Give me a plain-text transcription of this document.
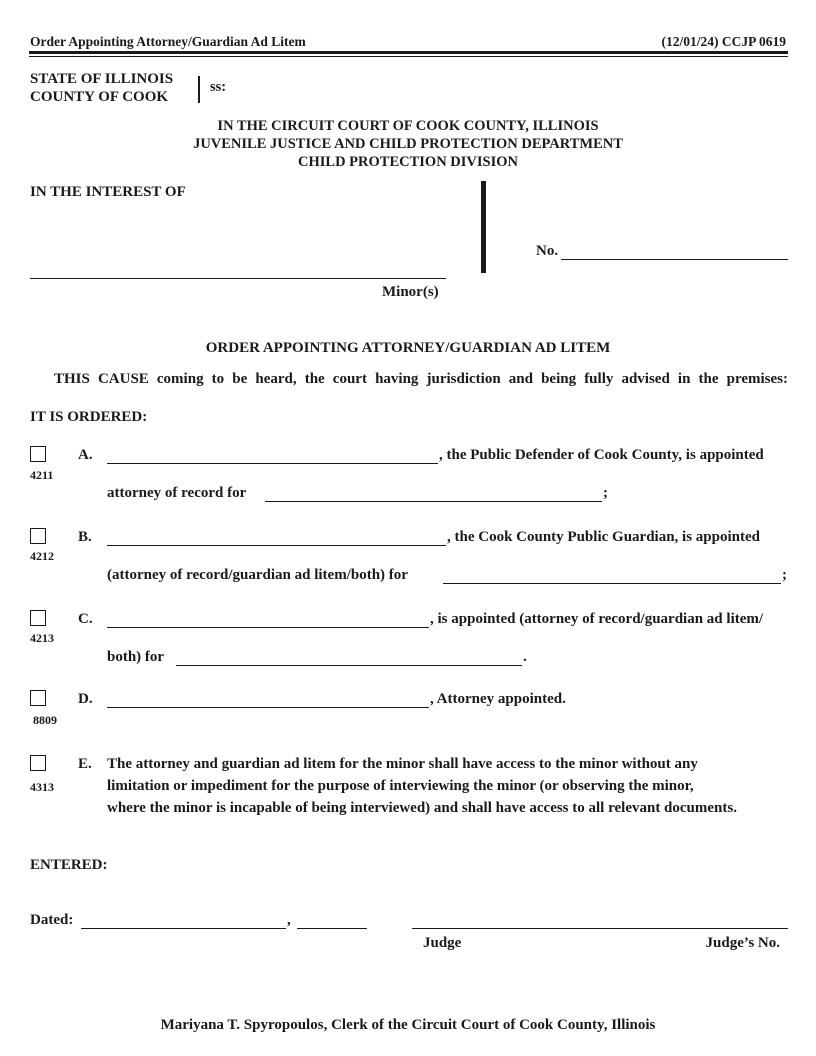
Order Appointing Attorney/Guardian Ad Litem	(12/01/24) CCJP 0619
STATE OF ILLINOIS
COUNTY OF COOK
ss:
IN THE CIRCUIT COURT OF COOK COUNTY, ILLINOIS
JUVENILE JUSTICE AND CHILD PROTECTION DEPARTMENT
CHILD PROTECTION DIVISION
IN THE INTEREST OF
Minor(s)
No.
ORDER APPOINTING ATTORNEY/GUARDIAN AD LITEM
THIS CAUSE coming to be heard, the court having jurisdiction and being fully advised in the premises:
IT IS ORDERED:
4211
A.	, the Public Defender of Cook County, is appointed
attorney of record for	;
4212
B.	, the Cook County Public Guardian, is appointed
(attorney of record/guardian ad litem/both) for	;
4213
C.	, is appointed (attorney of record/guardian ad litem/
both) for	.
8809
D.	, Attorney appointed.
4313
E. The attorney and guardian ad litem for the minor shall have access to the minor without any
limitation or impediment for the purpose of interviewing the minor (or observing the minor,
where the minor is incapable of being interviewed) and shall have access to all relevant documents.
ENTERED:
Dated:	,
Judge	Judge’s No.
Mariyana T. Spyropoulos, Clerk of the Circuit Court of Cook County, Illinois
